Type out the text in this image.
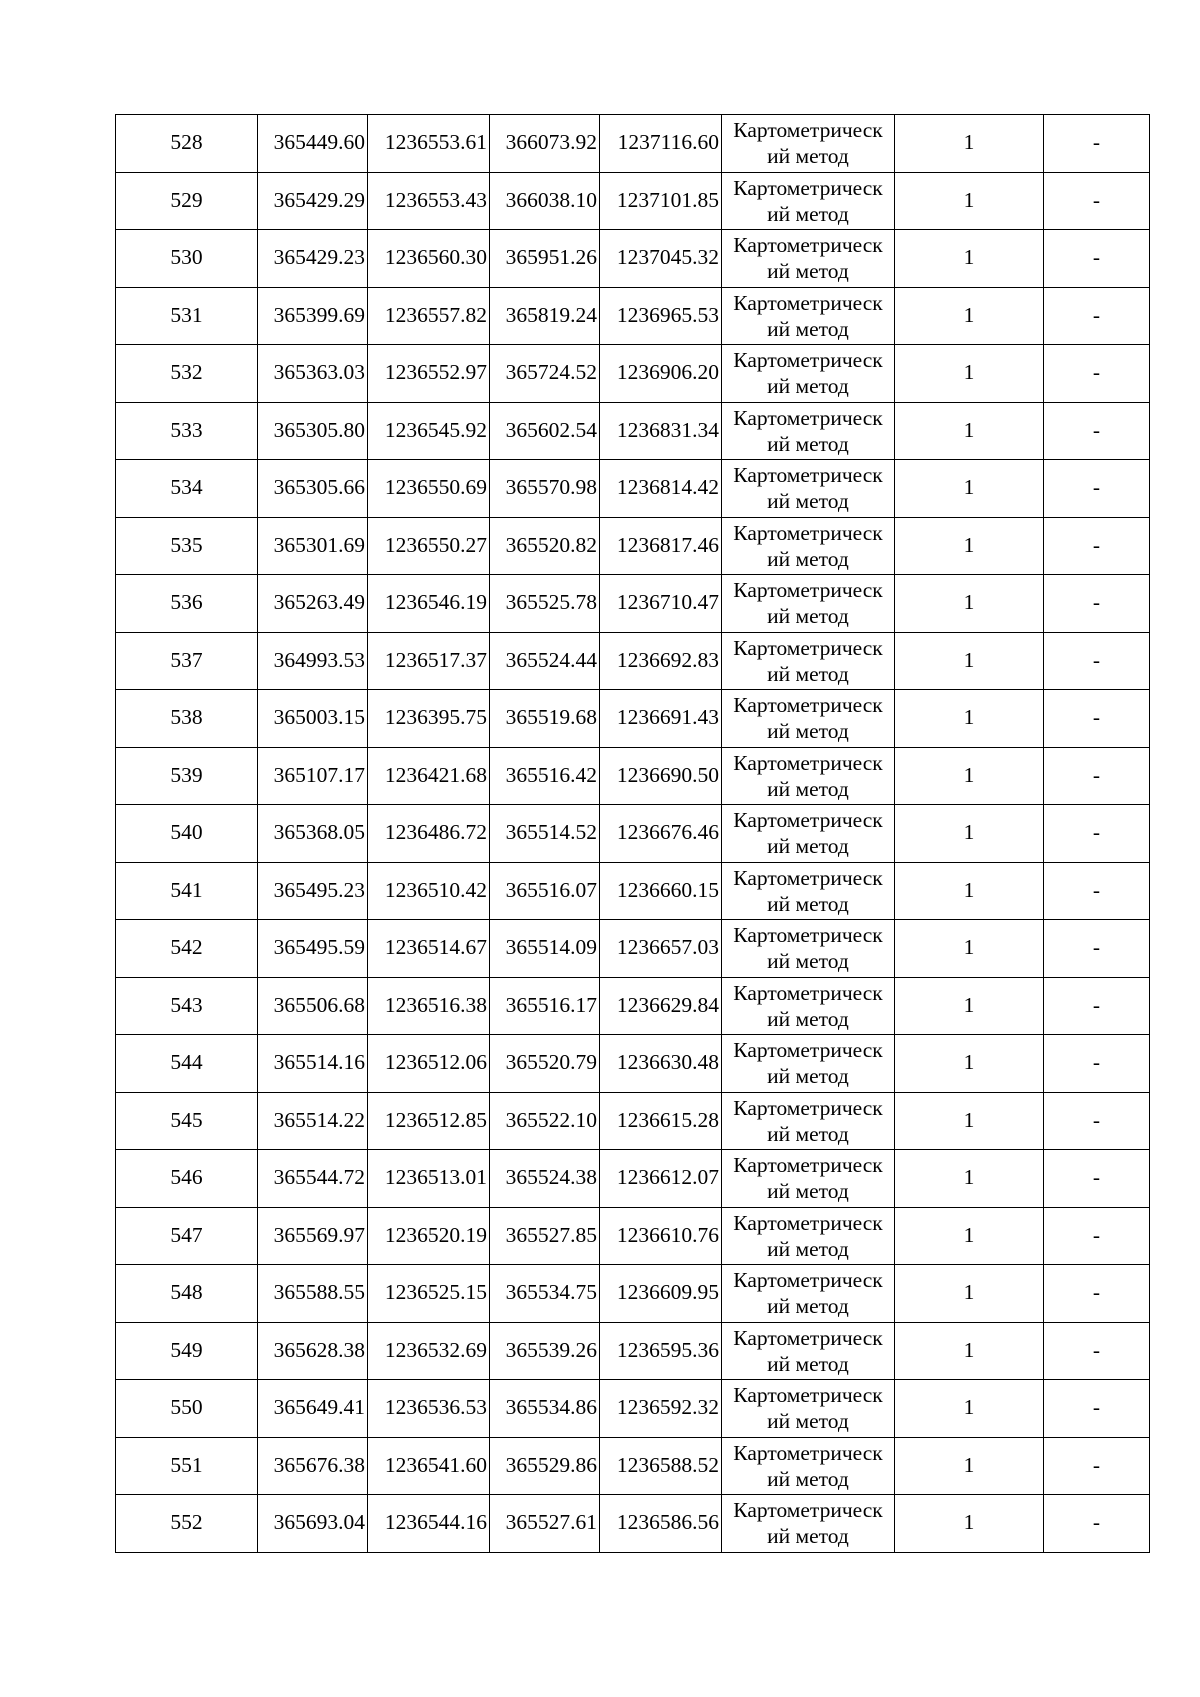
528	365449.60	1236553.61	366073.92	1237116.60	Картометрическ
ий метод	1	-
529	365429.29	1236553.43	366038.10	1237101.85	Картометрическ
ий метод	1	-
530	365429.23	1236560.30	365951.26	1237045.32	Картометрическ
ий метод	1	-
531	365399.69	1236557.82	365819.24	1236965.53	Картометрическ
ий метод	1	-
532	365363.03	1236552.97	365724.52	1236906.20	Картометрическ
ий метод	1	-
533	365305.80	1236545.92	365602.54	1236831.34	Картометрическ
ий метод	1	-
534	365305.66	1236550.69	365570.98	1236814.42	Картометрическ
ий метод	1	-
535	365301.69	1236550.27	365520.82	1236817.46	Картометрическ
ий метод	1	-
536	365263.49	1236546.19	365525.78	1236710.47	Картометрическ
ий метод	1	-
537	364993.53	1236517.37	365524.44	1236692.83	Картометрическ
ий метод	1	-
538	365003.15	1236395.75	365519.68	1236691.43	Картометрическ
ий метод	1	-
539	365107.17	1236421.68	365516.42	1236690.50	Картометрическ
ий метод	1	-
540	365368.05	1236486.72	365514.52	1236676.46	Картометрическ
ий метод	1	-
541	365495.23	1236510.42	365516.07	1236660.15	Картометрическ
ий метод	1	-
542	365495.59	1236514.67	365514.09	1236657.03	Картометрическ
ий метод	1	-
543	365506.68	1236516.38	365516.17	1236629.84	Картометрическ
ий метод	1	-
544	365514.16	1236512.06	365520.79	1236630.48	Картометрическ
ий метод	1	-
545	365514.22	1236512.85	365522.10	1236615.28	Картометрическ
ий метод	1	-
546	365544.72	1236513.01	365524.38	1236612.07	Картометрическ
ий метод	1	-
547	365569.97	1236520.19	365527.85	1236610.76	Картометрическ
ий метод	1	-
548	365588.55	1236525.15	365534.75	1236609.95	Картометрическ
ий метод	1	-
549	365628.38	1236532.69	365539.26	1236595.36	Картометрическ
ий метод	1	-
550	365649.41	1236536.53	365534.86	1236592.32	Картометрическ
ий метод	1	-
551	365676.38	1236541.60	365529.86	1236588.52	Картометрическ
ий метод	1	-
552	365693.04	1236544.16	365527.61	1236586.56	Картометрическ
ий метод	1	-
